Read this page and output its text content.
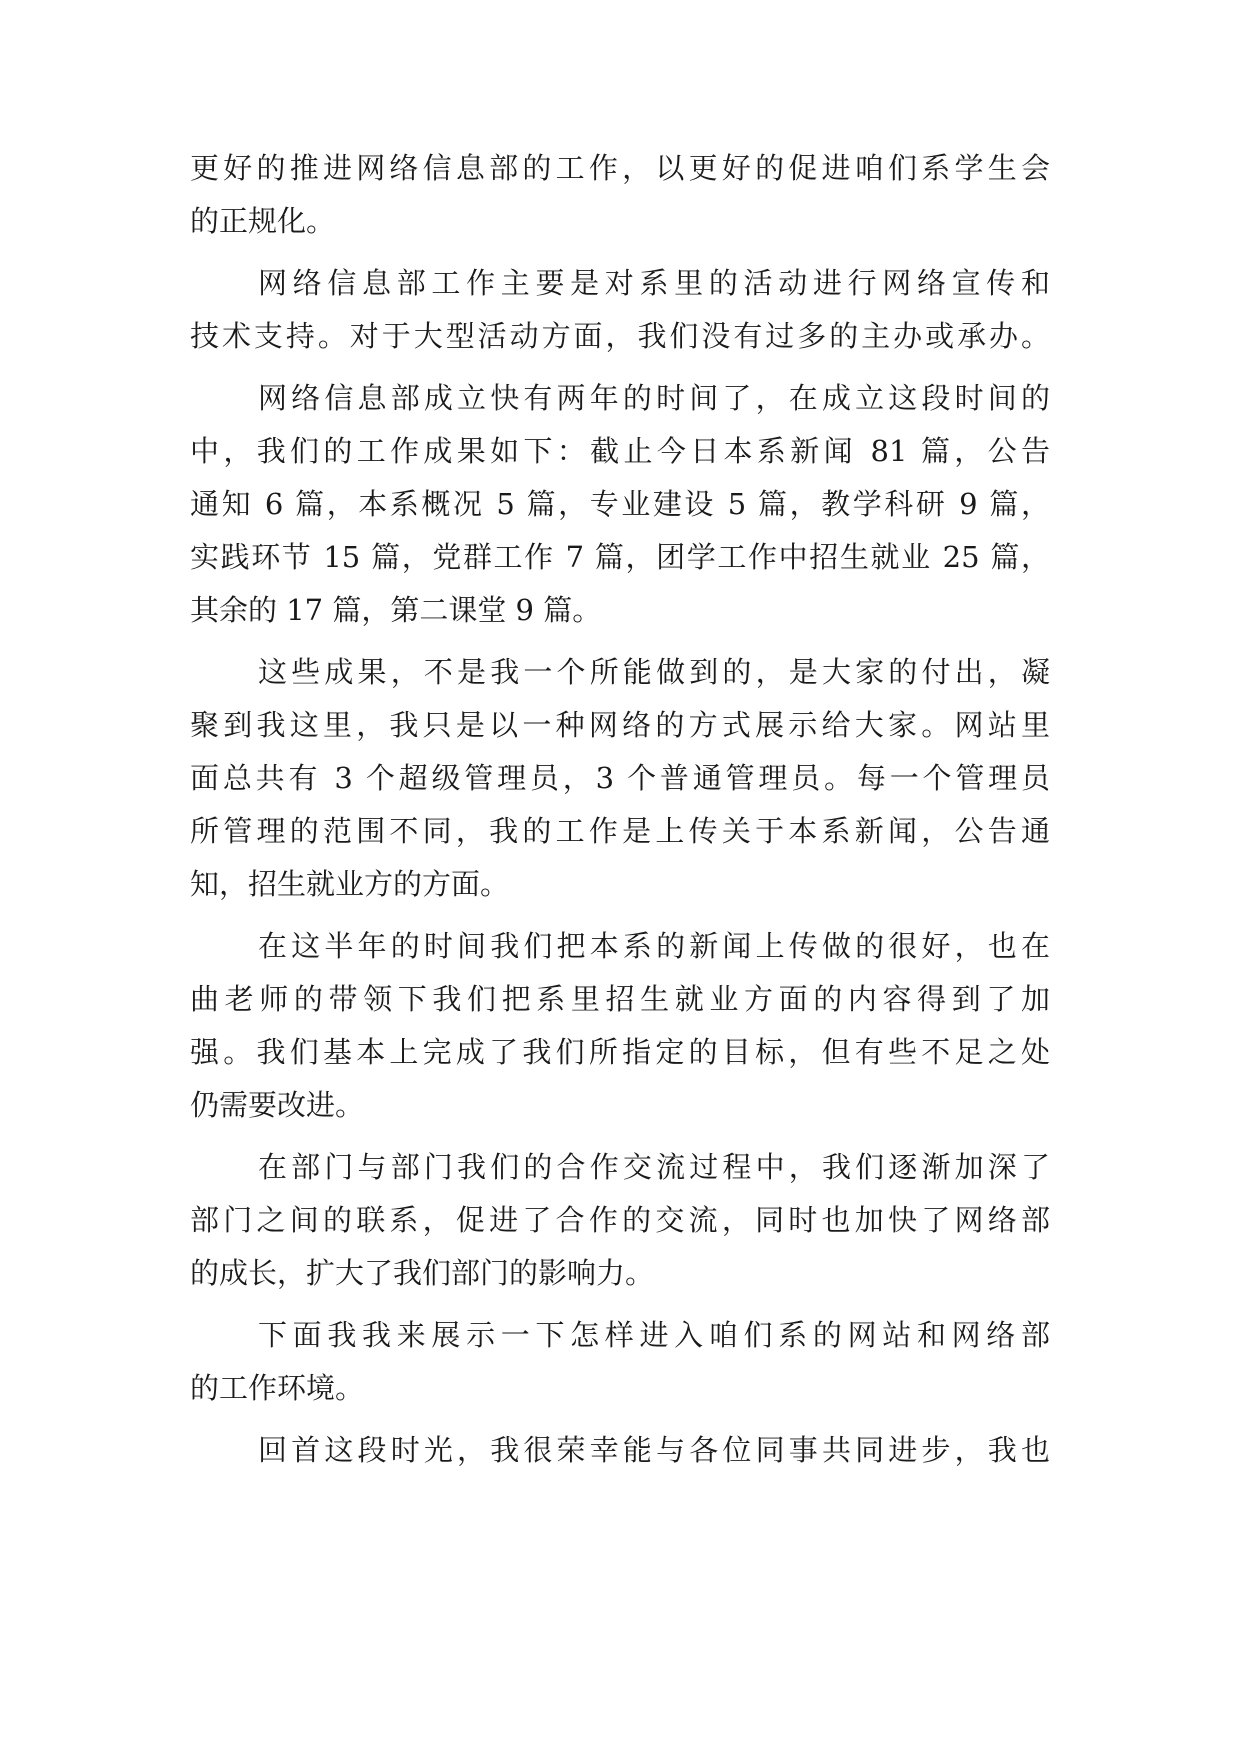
更好的推进网络信息部的工作，以更好的促进咱们系学生会
的正规化。
网络信息部工作主要是对系里的活动进行网络宣传和
技术支持。对于大型活动方面，我们没有过多的主办或承办。
网络信息部成立快有两年的时间了，在成立这段时间的
中，我们的工作成果如下：截止今日本系新闻 81 篇，公告
通知 6 篇，本系概况 5 篇，专业建设 5 篇，教学科研 9 篇，
实践环节 15 篇，党群工作 7 篇，团学工作中招生就业 25 篇，
其余的 17 篇，第二课堂 9 篇。
这些成果，不是我一个所能做到的，是大家的付出，凝
聚到我这里，我只是以一种网络的方式展示给大家。网站里
面总共有 3 个超级管理员，3 个普通管理员。每一个管理员
所管理的范围不同，我的工作是上传关于本系新闻，公告通
知，招生就业方的方面。
在这半年的时间我们把本系的新闻上传做的很好，也在
曲老师的带领下我们把系里招生就业方面的内容得到了加
强。我们基本上完成了我们所指定的目标，但有些不足之处
仍需要改进。
在部门与部门我们的合作交流过程中，我们逐渐加深了
部门之间的联系，促进了合作的交流，同时也加快了网络部
的成长，扩大了我们部门的影响力。
下面我我来展示一下怎样进入咱们系的网站和网络部
的工作环境。
回首这段时光，我很荣幸能与各位同事共同进步，我也
